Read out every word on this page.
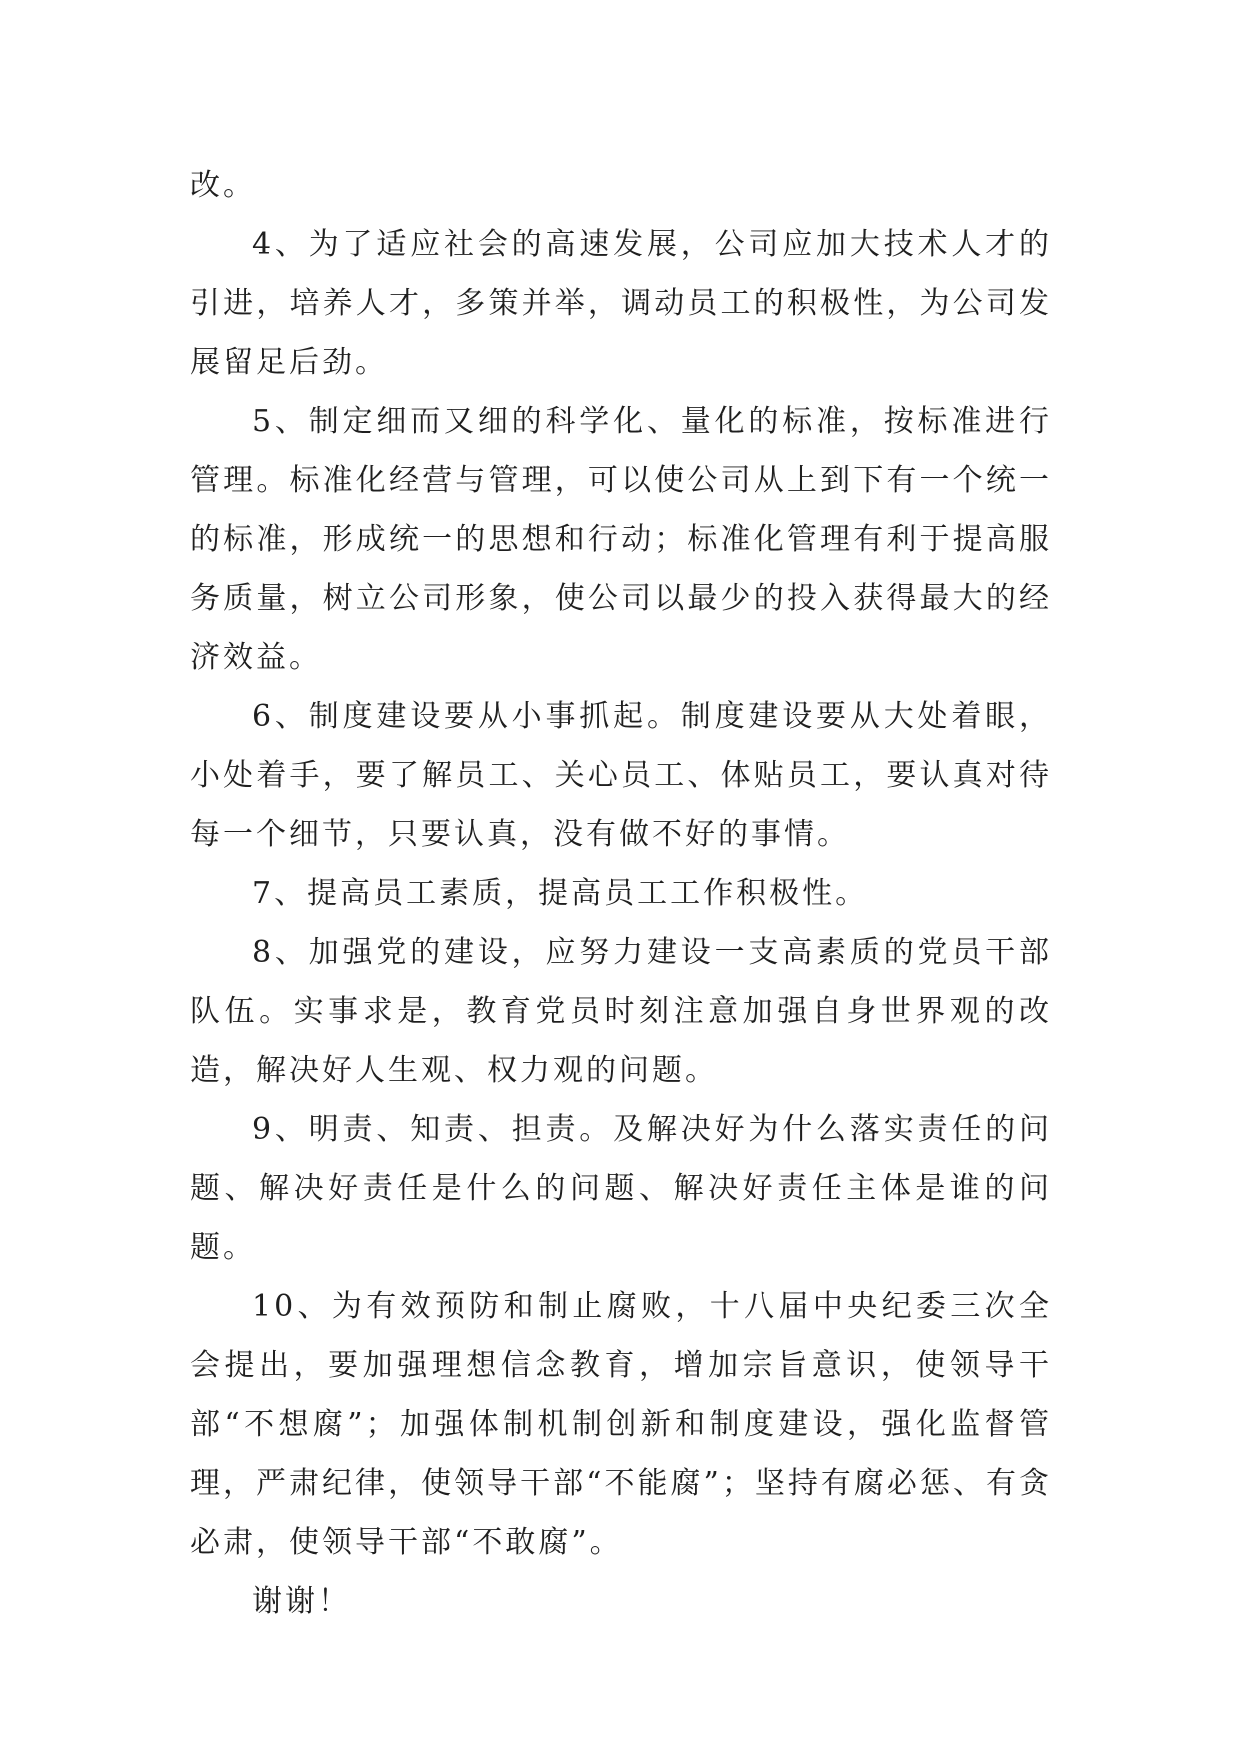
改。

4、为了适应社会的高速发展，公司应加大技术人才的引进，培养人才，多策并举，调动员工的积极性，为公司发展留足后劲。

5、制定细而又细的科学化、量化的标准，按标准进行管理。标准化经营与管理，可以使公司从上到下有一个统一的标准，形成统一的思想和行动；标准化管理有利于提高服务质量，树立公司形象，使公司以最少的投入获得最大的经济效益。

6、制度建设要从小事抓起。制度建设要从大处着眼，小处着手，要了解员工、关心员工、体贴员工，要认真对待每一个细节，只要认真，没有做不好的事情。

7、提高员工素质，提高员工工作积极性。

8、加强党的建设，应努力建设一支高素质的党员干部队伍。实事求是，教育党员时刻注意加强自身世界观的改造，解决好人生观、权力观的问题。

9、明责、知责、担责。及解决好为什么落实责任的问题、解决好责任是什么的问题、解决好责任主体是谁的问题。

10、为有效预防和制止腐败，十八届中央纪委三次全会提出，要加强理想信念教育，增加宗旨意识，使领导干部“不想腐”；加强体制机制创新和制度建设，强化监督管理，严肃纪律，使领导干部“不能腐”；坚持有腐必惩、有贪必肃，使领导干部“不敢腐”。

谢谢！
